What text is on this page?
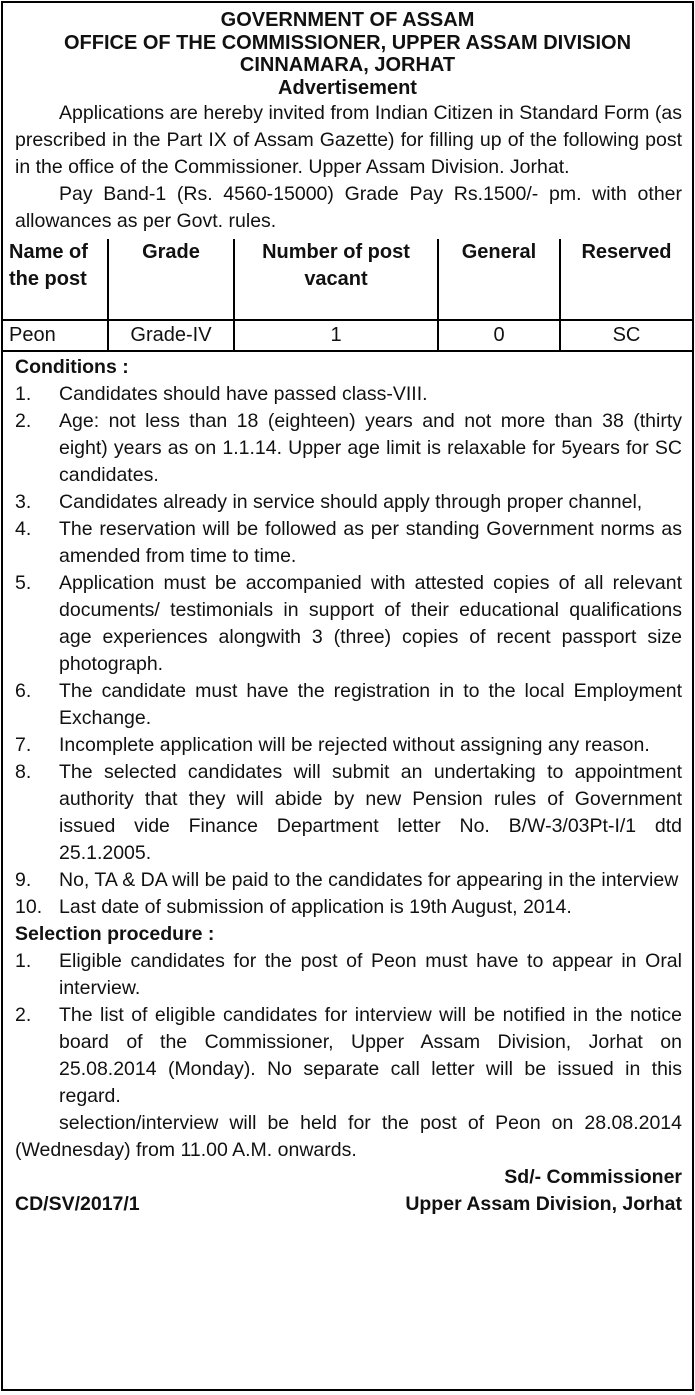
GOVERNMENT OF ASSAM
OFFICE OF THE COMMISSIONER, UPPER ASSAM DIVISION
CINNAMARA, JORHAT
Advertisement

Applications are hereby invited from Indian Citizen in Standard Form (as prescribed in the Part IX of Assam Gazette) for filling up of the following post in the office of the Commissioner. Upper Assam Division. Jorhat.

Pay Band-1 (Rs. 4560-15000) Grade Pay Rs.1500/- pm. with other allowances as per Govt. rules.

Name of the post	Grade	Number of post vacant	General	Reserved
Peon	Grade-IV	1	0	SC
Conditions :
1.	Candidates should have passed class-VIII.
2.	Age: not less than 18 (eighteen) years and not more than 38 (thirty eight) years as on 1.1.14. Upper age limit is relaxable for 5years for SC candidates.
3.	Candidates already in service should apply through proper channel,
4.	The reservation will be followed as per standing Government norms as amended from time to time.
5.	Application must be accompanied with attested copies of all relevant documents/ testimonials in support of their educational qualifications age experiences alongwith 3 (three) copies of recent passport size photograph.
6.	The candidate must have the registration in to the local Employment Exchange.
7.	Incomplete application will be rejected without assigning any reason.
8.	The selected candidates will submit an undertaking to appointment authority that they will abide by new Pension rules of Government issued vide Finance Department letter No. B/W-3/03Pt-I/1 dtd 25.1.2005.
9.	No, TA & DA will be paid to the candidates for appearing in the interview
10. Last date of submission of application is 19th August, 2014.
Selection procedure :
1.	Eligible candidates for the post of Peon must have to appear in Oral interview.
2.	The list of eligible candidates for interview will be notified in the notice board of the Commissioner, Upper Assam Division, Jorhat on 25.08.2014 (Monday). No separate call letter will be issued in this regard.

selection/interview will be held for the post of Peon on 28.08.2014 (Wednesday) from 11.00 A.M. onwards.

Sd/- Commissioner
Upper Assam Division, Jorhat
CD/SV/2017/1
